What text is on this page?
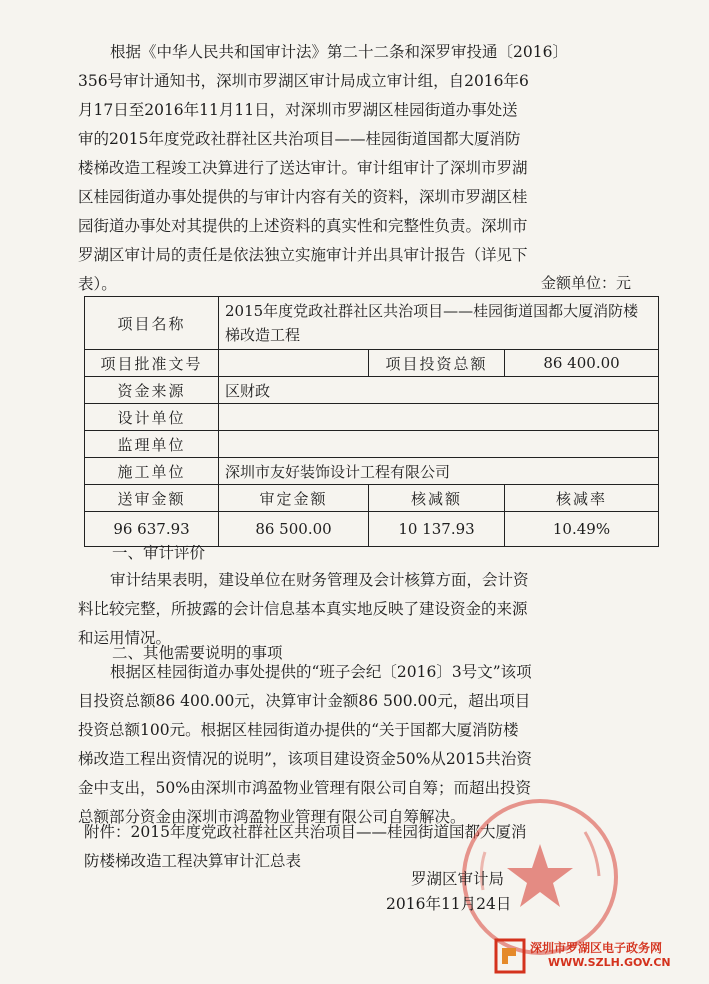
根据《中华人民共和国审计法》第二十二条和深罗审投通〔2016〕
356号审计通知书，深圳市罗湖区审计局成立审计组，自2016年6
月17日至2016年11月11日，对深圳市罗湖区桂园街道办事处送
审的2015年度党政社群社区共治项目——桂园街道国都大厦消防
楼梯改造工程竣工决算进行了送达审计。审计组审计了深圳市罗湖
区桂园街道办事处提供的与审计内容有关的资料，深圳市罗湖区桂
园街道办事处对其提供的上述资料的真实性和完整性负责。深圳市
罗湖区审计局的责任是依法独立实施审计并出具审计报告（详见下
表）。	金额单位：元
项目名称	2015年度党政社群社区共治项目——桂园街道国都大厦消防楼梯改造工程		
项目批准文号		项目投资总额	86 400.00
资金来源	区财政		
设计单位			
监理单位			
施工单位	深圳市友好装饰设计工程有限公司		
送审金额	审定金额	核减额	核减率
96 637.93	86 500.00	10 137.93	10.49%
一、审计评价
审计结果表明，建设单位在财务管理及会计核算方面，会计资
料比较完整，所披露的会计信息基本真实地反映了建设资金的来源
和运用情况。
二、其他需要说明的事项
根据区桂园街道办事处提供的“班子会纪〔2016〕3号文”该项
目投资总额86 400.00元，决算审计金额86 500.00元，超出项目
投资总额100元。根据区桂园街道办提供的“关于国都大厦消防楼
梯改造工程出资情况的说明”，该项目建设资金50%从2015共治资
金中支出，50%由深圳市鸿盈物业管理有限公司自筹；而超出投资
总额部分资金由深圳市鸿盈物业管理有限公司自筹解决。
附件：2015年度党政社群社区共治项目——桂园街道国都大厦消
防楼梯改造工程决算审计汇总表
罗湖区审计局
2016年11月24日
深圳市罗湖区电子政务网
WWW.SZLH.GOV.CN
